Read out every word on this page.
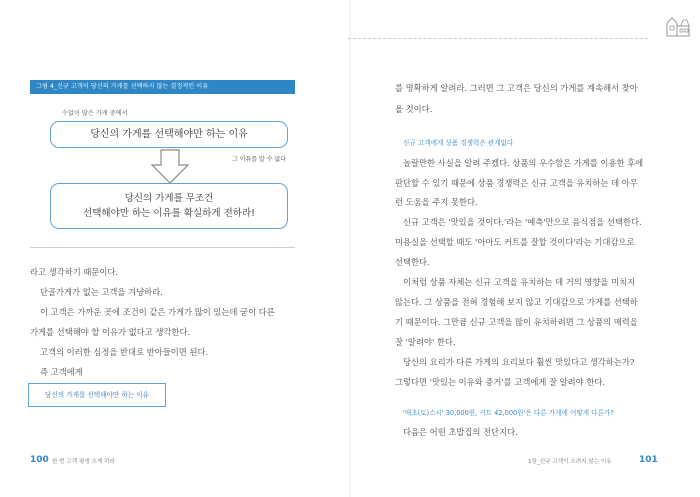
그림 4_신규 고객이 당신의 가게를 선택하지 않는 결정적인 이유
수없이 많은 가게 중에서
당신의 가게를 선택해야만 하는 이유
그 이유를 알 수 없다
당신의 가게를 무조건
선택해야만 하는 이유를 확실하게 전하라!
라고 생각하기 때문이다.
단골가게가 없는 고객을 겨냥하라.
이 고객은 가까운 곳에 조건이 같은 가게가 많이 있는데 굳이 다른
가게를 선택해야 할 이유가 없다고 생각한다.
고객의 이러한 심정을 반대로 반아들이면 된다.
즉 고객에게
당신의 가게를 선택해야만 하는 이유
100 한 번 고객 평생 오게 하라
를 명확하게 알려라. 그러면 그 고객은 당신의 가게를 계속해서 찾아
올 것이다.
신규 고객에게 상품 경쟁력은 관계없다
놀랄만한 사실을 알려 주겠다. 상품의 우수함은 가게를 이용한 후에
판단할 수 있기 때문에 상품 경쟁력은 신규 고객을 유치하는 데 아무
런 도움을 주지 못한다.
신규 고객은 '맛있을 것이다.'라는 '예측'만으로 음식점을 선택한다.
미용실을 선택할 때도 '아마도 커트를 잘할 것이다'라는 기대감으로
선택한다.
이처럼 상품 자체는 신규 고객을 유치하는 데 거의 영향을 미치지
않는다. 그 상품을 전혀 경험해 보지 않고 기대감으로 가게를 선택하
기 때문이다. 그만큼 신규 고객을 많이 유치하려면 그 상품의 매력을
잘 '알려야' 한다.
당신의 요리가 다른 가게의 요리보다 훨씬 맛있다고 생각하는가?
그렇다면 '맛있는 이유와 증거'를 고객에게 잘 알려야 한다.
'매초(토)스시' 30,000원, 커트 42,000원'은 다른 가게에 어떻게 다른가?
다음은 어떤 초밥집의 전단지다.
1장_신규 고객이 오려지 않는 이유	101
